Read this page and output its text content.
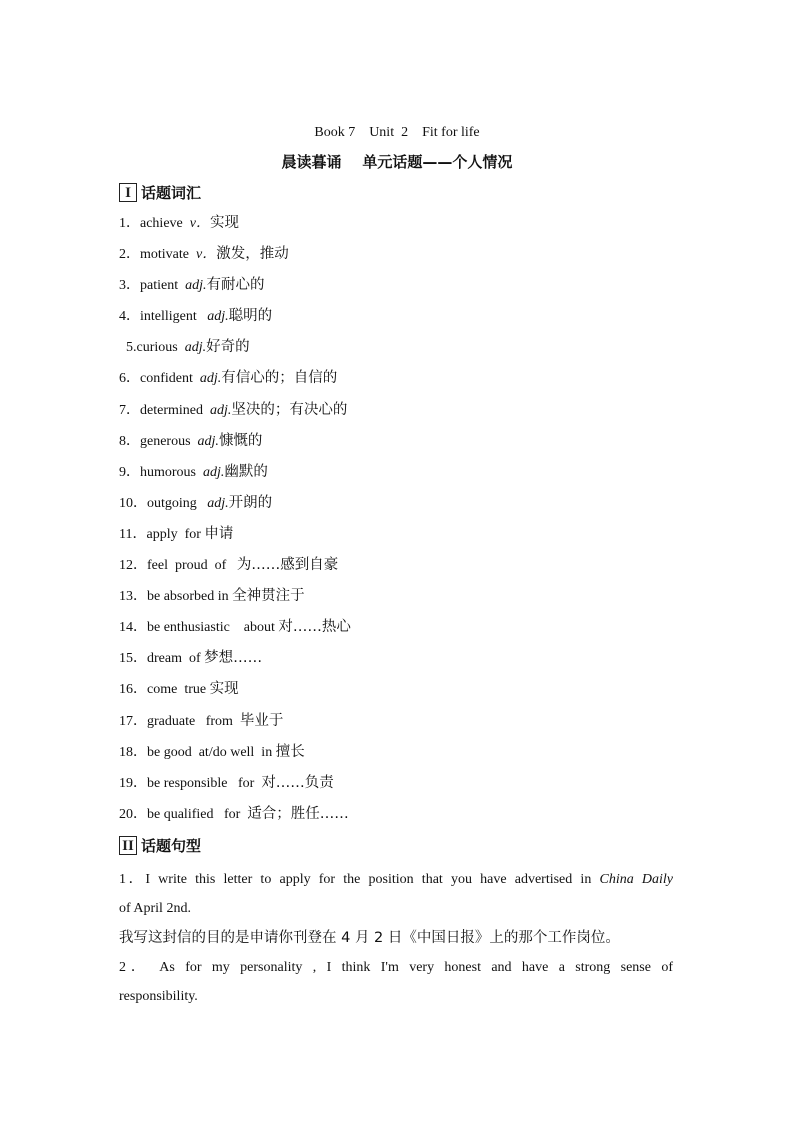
Book 7    Unit  2    Fit for life
晨读暮诵    单元话题——个人情况
I 话题词汇
1．achieve  v．实现
2．motivate  v．激发，推动
3．patient  adj.有耐心的
4．intelligent   adj.聪明的
5.curious  adj.好奇的
6．confident  adj.有信心的；自信的
7．determined  adj.坚决的；有决心的
8．generous  adj.慷慨的
9．humorous  adj.幽默的
10．outgoing   adj.开朗的
11．apply  for 申请
12．feel  proud  of   为……感到自豪
13．be absorbed in 全神贯注于
14．be enthusiastic    about 对……热心
15．dream  of 梦想……
16．come  true 实现
17．graduate   from  毕业于
18．be good  at/do well  in 擅长
19．be responsible   for  对……负责
20．be qualified   for  适合；胜任……
II 话题句型
1．I write this letter to apply for the position that you have advertised in China Daily
of April 2nd.
我写这封信的目的是申请你刊登在 4 月 2 日《中国日报》上的那个工作岗位。
2． As for my personality , I think I'm very honest and have a strong sense of
responsibility.
